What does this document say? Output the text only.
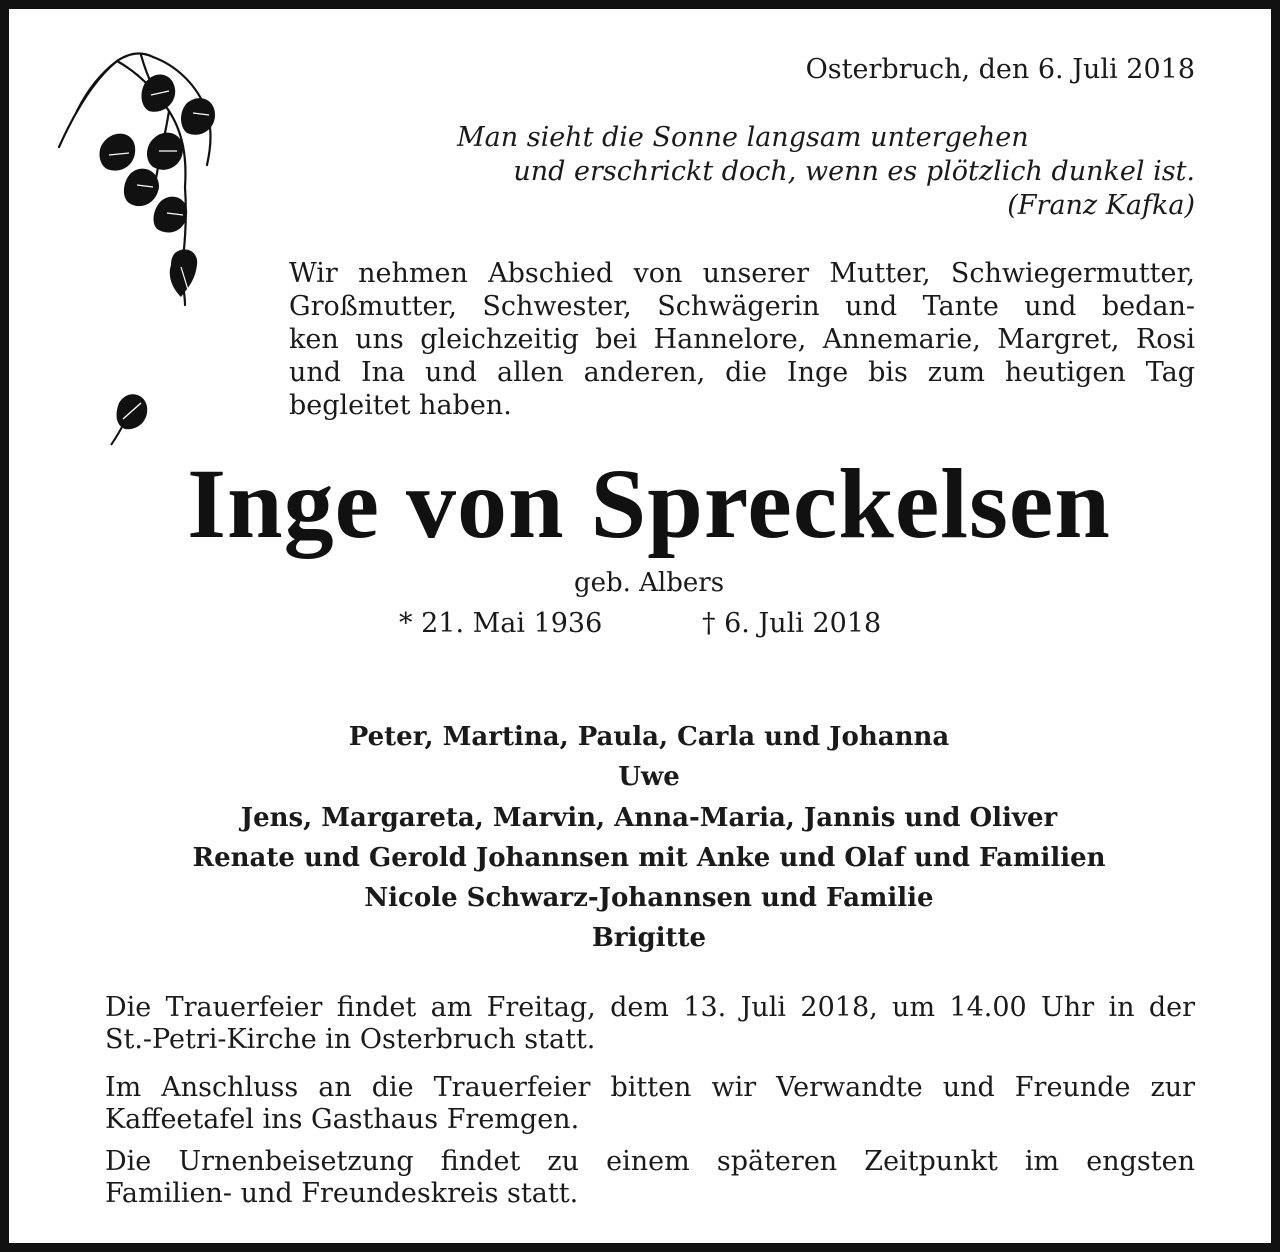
Osterbruch, den 6. Juli 2018
Man sieht die Sonne langsam untergehen
und erschrickt doch, wenn es plötzlich dunkel ist.
(Franz Kafka)
Wir nehmen Abschied von unserer Mutter, Schwiegermutter,
Großmutter, Schwester, Schwägerin und Tante und bedan-
ken uns gleichzeitig bei Hannelore, Annemarie, Margret, Rosi
und Ina und allen anderen, die Inge bis zum heutigen Tag
begleitet haben.
Inge von Spreckelsen
geb. Albers
* 21. Mai 1936	† 6. Juli 2018
Peter, Martina, Paula, Carla und Johanna
Uwe
Jens, Margareta, Marvin, Anna-Maria, Jannis und Oliver
Renate und Gerold Johannsen mit Anke und Olaf und Familien
Nicole Schwarz-Johannsen und Familie
Brigitte
Die Trauerfeier findet am Freitag, dem 13. Juli 2018, um 14.00 Uhr in der
St.-Petri-Kirche in Osterbruch statt.
Im Anschluss an die Trauerfeier bitten wir Verwandte und Freunde zur
Kaffeetafel ins Gasthaus Fremgen.
Die Urnenbeisetzung findet zu einem späteren Zeitpunkt im engsten
Familien- und Freundeskreis statt.
